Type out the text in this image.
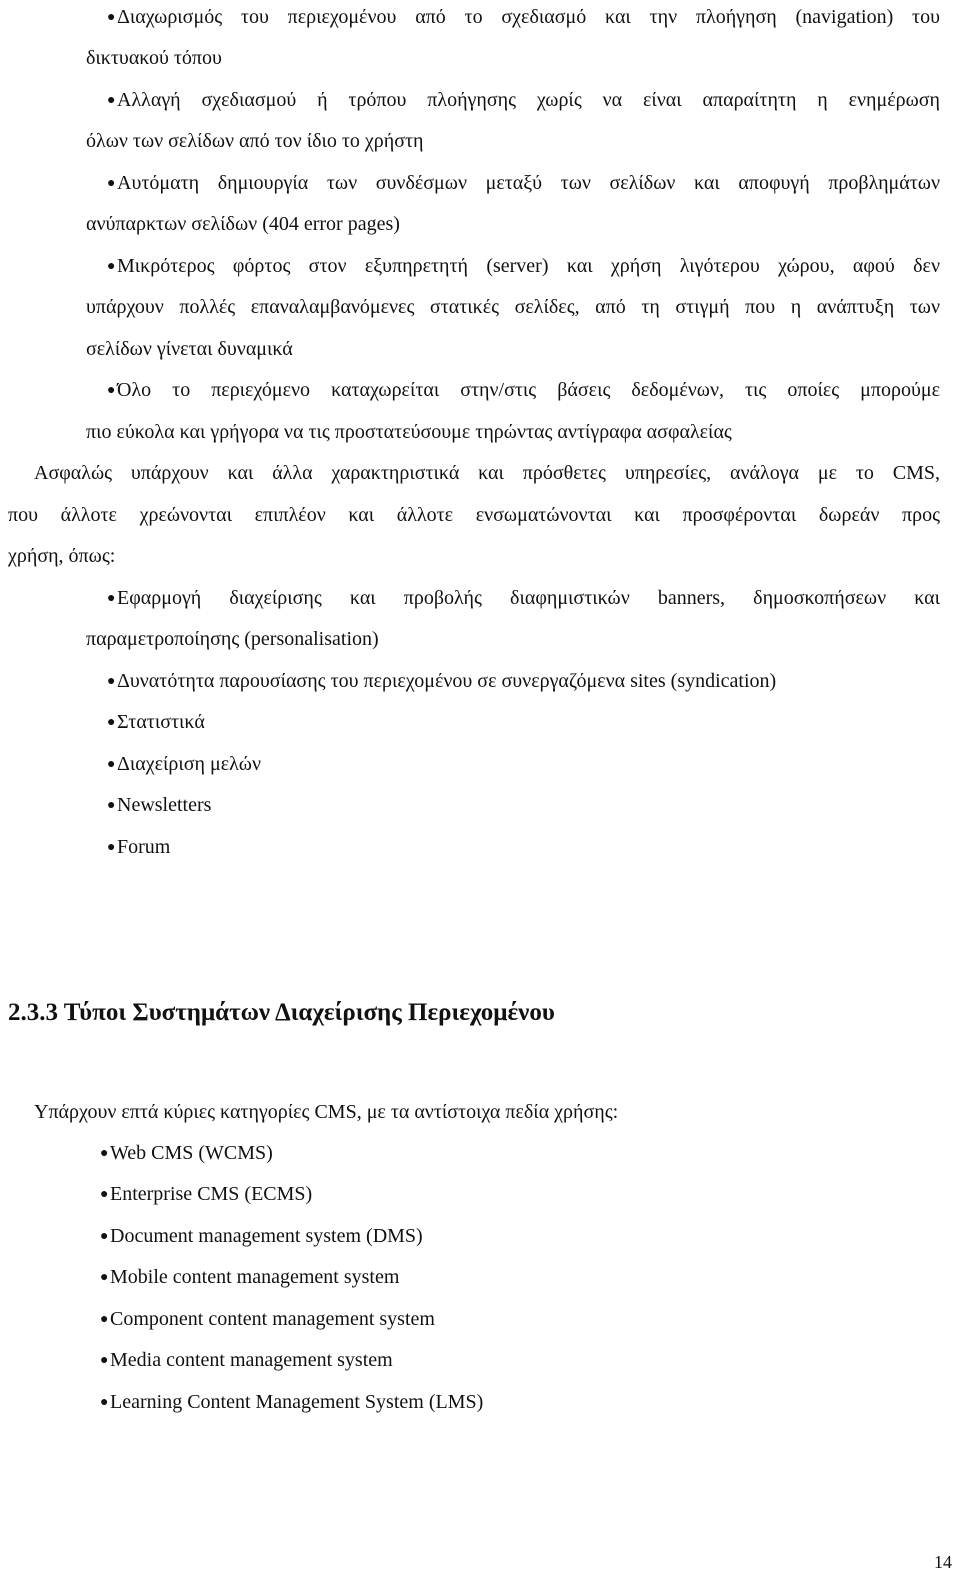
●Διαχωρισμός του περιεχομένου από το σχεδιασμό και την πλοήγηση (navigation) του
δικτυακού τόπου
●Αλλαγή σχεδιασμού ή τρόπου πλοήγησης χωρίς να είναι απαραίτητη η ενημέρωση
όλων των σελίδων από τον ίδιο το χρήστη
●Αυτόματη δημιουργία των συνδέσμων μεταξύ των σελίδων και αποφυγή προβλημάτων
ανύπαρκτων σελίδων (404 error pages)
●Μικρότερος φόρτος στον εξυπηρετητή (server) και χρήση λιγότερου χώρου, αφού δεν
υπάρχουν πολλές επαναλαμβανόμενες στατικές σελίδες, από τη στιγμή που η ανάπτυξη των
σελίδων γίνεται δυναμικά
●Όλο το περιεχόμενο καταχωρείται στην/στις βάσεις δεδομένων, τις οποίες μπορούμε
πιο εύκολα και γρήγορα να τις προστατεύσουμε τηρώντας αντίγραφα ασφαλείας
Ασφαλώς υπάρχουν και άλλα χαρακτηριστικά και πρόσθετες υπηρεσίες, ανάλογα με το CMS,
που άλλοτε χρεώνονται επιπλέον και άλλοτε ενσωματώνονται και προσφέρονται δωρεάν προς
χρήση, όπως:
●Εφαρμογή διαχείρισης και προβολής διαφημιστικών banners, δημοσκοπήσεων και
παραμετροποίησης (personalisation)
●Δυνατότητα παρουσίασης του περιεχομένου σε συνεργαζόμενα sites (syndication)
●Στατιστικά
●Διαχείριση μελών
●Newsletters
●Forum
2.3.3 Τύποι Συστημάτων Διαχείρισης Περιεχομένου
Υπάρχουν επτά κύριες κατηγορίες CMS, με τα αντίστοιχα πεδία χρήσης:
●Web CMS (WCMS)
●Enterprise CMS (ECMS)
●Document management system (DMS)
●Mobile content management system
●Component content management system
●Media content management system
●Learning Content Management System (LMS)
14
